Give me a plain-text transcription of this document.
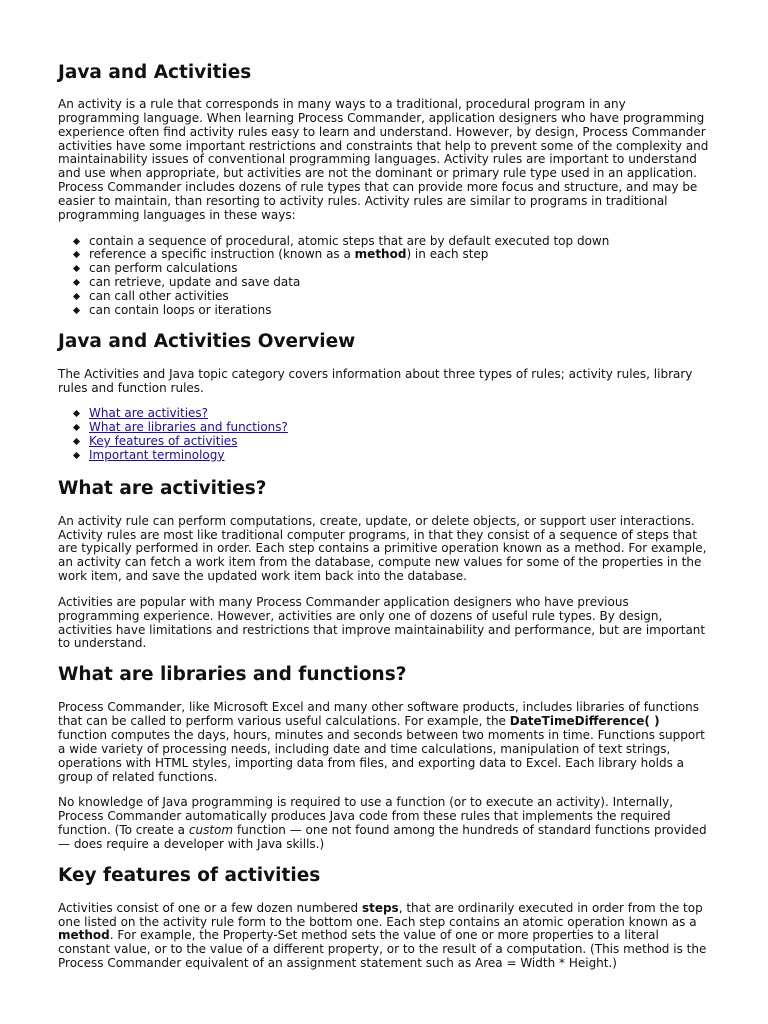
Java and Activities

An activity is a rule that corresponds in many ways to a traditional, procedural program in any programming language. When learning Process Commander, application designers who have programming experience often find activity rules easy to learn and understand. However, by design, Process Commander activities have some important restrictions and constraints that help to prevent some of the complexity and maintainability issues of conventional programming languages. Activity rules are important to understand and use when appropriate, but activities are not the dominant or primary rule type used in an application. Process Commander includes dozens of rule types that can provide more focus and structure, and may be easier to maintain, than resorting to activity rules. Activity rules are similar to programs in traditional programming languages in these ways:

contain a sequence of procedural, atomic steps that are by default executed top down
reference a specific instruction (known as a method) in each step
can perform calculations
can retrieve, update and save data
can call other activities
can contain loops or iterations
Java and Activities Overview

The Activities and Java topic category covers information about three types of rules; activity rules, library rules and function rules.

What are activities?
What are libraries and functions?
Key features of activities
Important terminology
What are activities?

An activity rule can perform computations, create, update, or delete objects, or support user interactions. Activity rules are most like traditional computer programs, in that they consist of a sequence of steps that are typically performed in order. Each step contains a primitive operation known as a method. For example, an activity can fetch a work item from the database, compute new values for some of the properties in the work item, and save the updated work item back into the database.

Activities are popular with many Process Commander application designers who have previous programming experience. However, activities are only one of dozens of useful rule types. By design, activities have limitations and restrictions that improve maintainability and performance, but are important to understand.

What are libraries and functions?

Process Commander, like Microsoft Excel and many other software products, includes libraries of functions that can be called to perform various useful calculations. For example, the DateTimeDifference( ) function computes the days, hours, minutes and seconds between two moments in time. Functions support a wide variety of processing needs, including date and time calculations, manipulation of text strings, operations with HTML styles, importing data from files, and exporting data to Excel. Each library holds a group of related functions.

No knowledge of Java programming is required to use a function (or to execute an activity). Internally, Process Commander automatically produces Java code from these rules that implements the required function. (To create a custom function — one not found among the hundreds of standard functions provided — does require a developer with Java skills.)

Key features of activities

Activities consist of one or a few dozen numbered steps, that are ordinarily executed in order from the top one listed on the activity rule form to the bottom one. Each step contains an atomic operation known as a method. For example, the Property-Set method sets the value of one or more properties to a literal constant value, or to the value of a different property, or to the result of a computation. (This method is the Process Commander equivalent of an assignment statement such as Area = Width * Height.)
